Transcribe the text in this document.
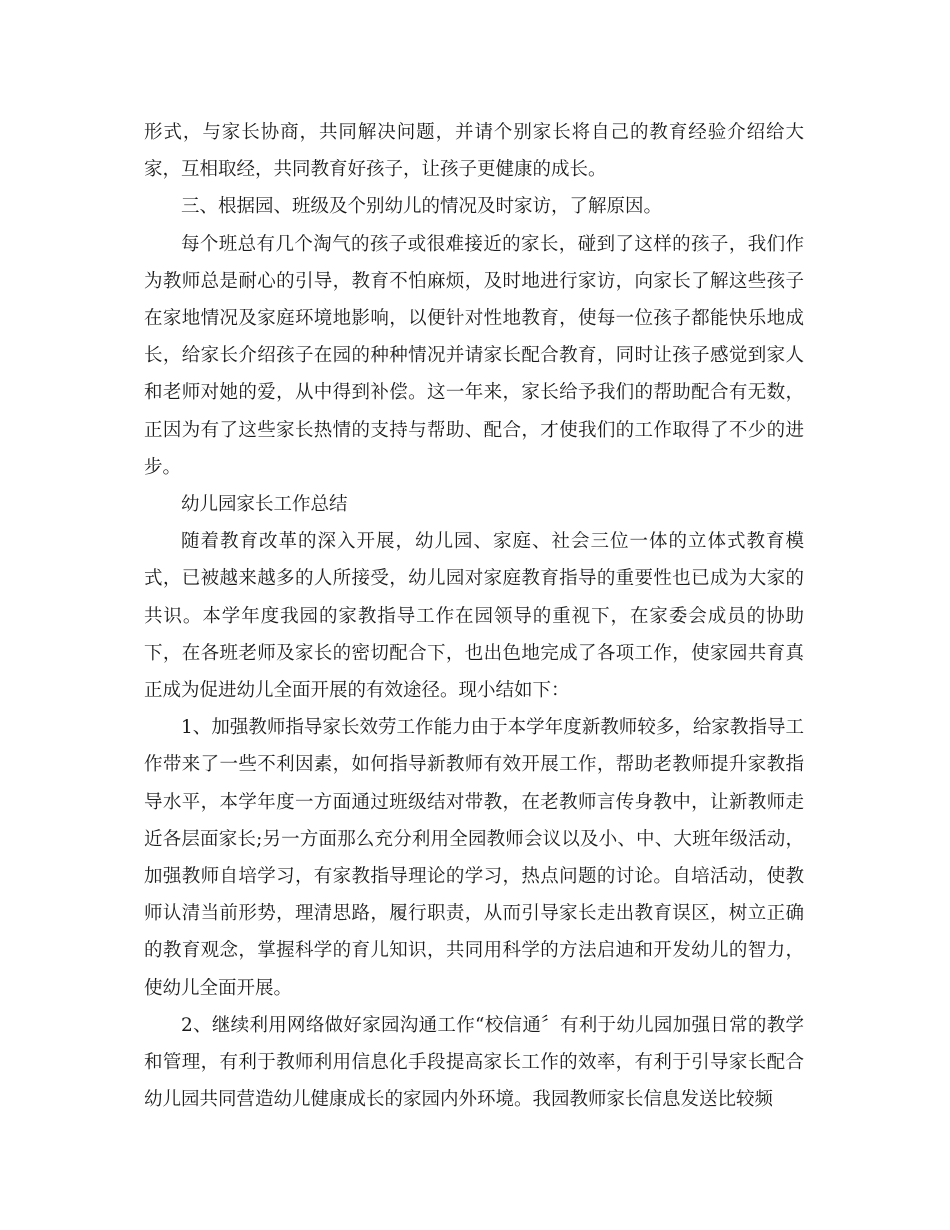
形式，与家长协商，共同解决问题，并请个别家长将自己的教育经验介绍给大家，互相取经，共同教育好孩子，让孩子更健康的成长。

三、根据园、班级及个别幼儿的情况及时家访，了解原因。

每个班总有几个淘气的孩子或很难接近的家长，碰到了这样的孩子，我们作为教师总是耐心的引导，教育不怕麻烦，及时地进行家访，向家长了解这些孩子在家地情况及家庭环境地影响，以便针对性地教育，使每一位孩子都能快乐地成长，给家长介绍孩子在园的种种情况并请家长配合教育，同时让孩子感觉到家人和老师对她的爱，从中得到补偿。这一年来，家长给予我们的帮助配合有无数，正因为有了这些家长热情的支持与帮助、配合，才使我们的工作取得了不少的进步。

幼儿园家长工作总结

随着教育改革的深入开展，幼儿园、家庭、社会三位一体的立体式教育模式，已被越来越多的人所接受，幼儿园对家庭教育指导的重要性也已成为大家的共识。本学年度我园的家教指导工作在园领导的重视下，在家委会成员的协助下，在各班老师及家长的密切配合下，也出色地完成了各项工作，使家园共育真正成为促进幼儿全面开展的有效途径。现小结如下：

1、加强教师指导家长效劳工作能力由于本学年度新教师较多，给家教指导工作带来了一些不利因素，如何指导新教师有效开展工作，帮助老教师提升家教指导水平，本学年度一方面通过班级结对带教，在老教师言传身教中，让新教师走近各层面家长;另一方面那么充分利用全园教师会议以及小、中、大班年级活动，加强教师自培学习，有家教指导理论的学习，热点问题的讨论。自培活动，使教师认清当前形势，理清思路，履行职责，从而引导家长走出教育误区，树立正确的教育观念，掌握科学的育儿知识，共同用科学的方法启迪和开发幼儿的智力，使幼儿全面开展。

2、继续利用网络做好家园沟通工作“校信通〞有利于幼儿园加强日常的教学和管理，有利于教师利用信息化手段提高家长工作的效率，有利于引导家长配合幼儿园共同营造幼儿健康成长的家园内外环境。我园教师家长信息发送比较频
